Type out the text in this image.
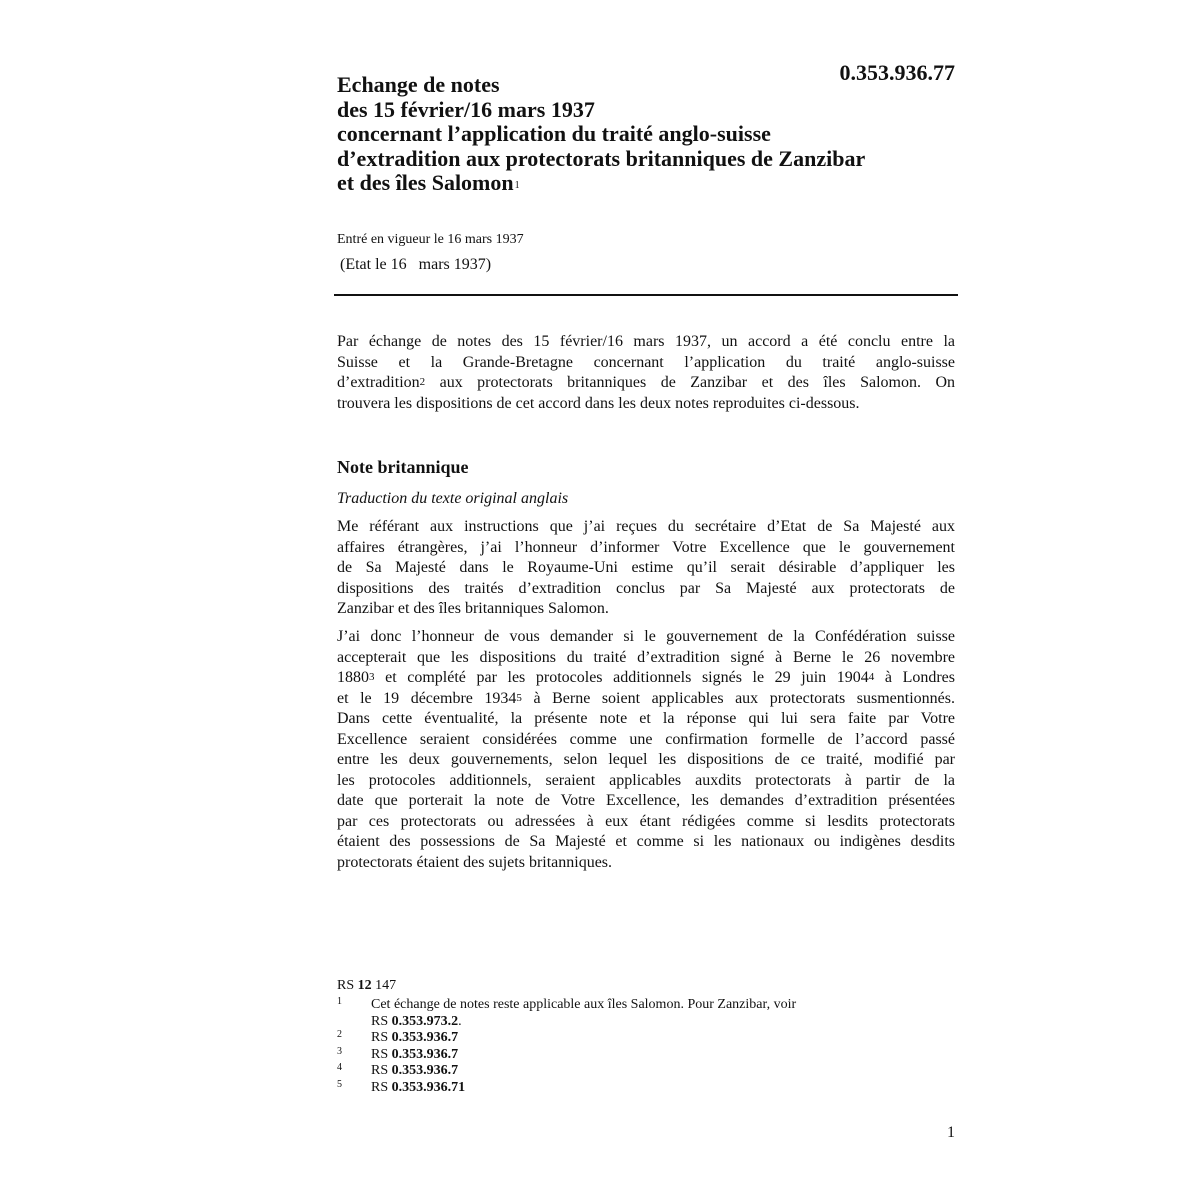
0.353.936.77
Echange de notes
des 15 février/16 mars 1937
concernant l’application du traité anglo-suisse
d’extradition aux protectorats britanniques de Zanzibar
et des îles Salomon$^1$
Entré en vigueur le 16 mars 1937
(Etat le 16   mars 1937)
Par échange de notes des 15 février/16 mars 1937, un accord a été conclu entre la
Suisse et la Grande-Bretagne concernant l’application du traité anglo-suisse
d’extradition$^2$ aux protectorats britanniques de Zanzibar et des îles Salomon. On
trouvera les dispositions de cet accord dans les deux notes reproduites ci-dessous.
Note britannique
Traduction du texte original anglais
Me référant aux instructions que j’ai reçues du secrétaire d’Etat de Sa Majesté aux
affaires étrangères, j’ai l’honneur d’informer Votre Excellence que le gouvernement
de Sa Majesté dans le Royaume-Uni estime qu’il serait désirable d’appliquer les
dispositions des traités d’extradition conclus par Sa Majesté aux protectorats de
Zanzibar et des îles britanniques Salomon.
J’ai donc l’honneur de vous demander si le gouvernement de la Confédération suisse
accepterait que les dispositions du traité d’extradition signé à Berne le 26 novembre
1880$^3$ et complété par les protocoles additionnels signés le 29 juin 1904$^4$ à Londres
et le 19 décembre 1934$^5$ à Berne soient applicables aux protectorats susmentionnés.
Dans cette éventualité, la présente note et la réponse qui lui sera faite par Votre
Excellence seraient considérées comme une confirmation formelle de l’accord passé
entre les deux gouvernements, selon lequel les dispositions de ce traité, modifié par
les protocoles additionnels, seraient applicables auxdits protectorats à partir de la
date que porterait la note de Votre Excellence, les demandes d’extradition présentées
par ces protectorats ou adressées à eux étant rédigées comme si lesdits protectorats
étaient des possessions de Sa Majesté et comme si les nationaux ou indigènes desdits
protectorats étaient des sujets britanniques.
RS 12 147
1 Cet échange de notes reste applicable aux îles Salomon. Pour Zanzibar, voir
RS 0.353.973.2.
2 RS 0.353.936.7
3 RS 0.353.936.7
4 RS 0.353.936.7
5 RS 0.353.936.71
1
